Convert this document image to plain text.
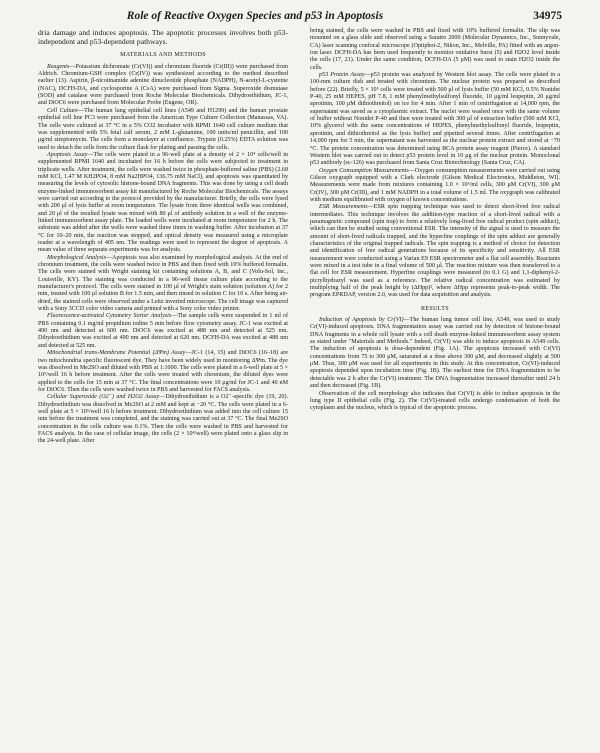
Role of Reactive Oxygen Species and p53 in Apoptosis	34975

dria damage and induces apoptosis. The apoptotic processes involves both p53-independent and p53-dependent pathways.

MATERIALS AND METHODS

Reagents—Potassium dichromate (Cr(VI)) and chromium fluoride (Cr(III)) were purchased from Aldrich. Chromium-GSH complex (Cr(IV)) was synthesized according to the method described earlier (13). Aspirin, β-nicotinamide adenine dinucleotide phosphate (NADPH), N-acetyl-L-cysteine (NAC), DCFH-DA, and cyclosporine A (CsA) were purchased from Sigma. Superoxide dismutase (SOD) and catalase were purchased from Roche Molecular Biochemicals. Dihydroethidium, JC-1, and DiOC6 were purchased from Molecular Probe (Eugene, OR).

Cell Culture—The human lung epithelial cell lines (A549 and H1299) and the human prostate epithelial cell line PC3 were purchased from the American Type Culture Collection (Manassas, VA). The cells were cultured at 37 °C in a 5% CO2 incubator with RPMI 1640 cell culture medium that was supplemented with 5% fetal calf serum, 2 mM L-glutamine, 100 units/ml penicillin, and 100 μg/ml streptomycin. The cells form a monolayer at confluence. Trypsin (0.25%) EDTA solution was used to detach the cells from the culture flask for plating and passing the cells.

Apoptosis Assay—The cells were plated in a 96-well plate at a density of 2 × 10⁴ cells/well in supplemented RPMI 1640 and incubated for 16 h before the cells were subjected to treatment in triplicate wells. After treatment, the cells were washed twice in phosphate-buffered saline (PBS) (2.68 mM KCl, 1.47 M KH2PO4, 8 mM Na2HPO4, 136.75 mM NaCl), and apoptosis was quantitated by measuring the levels of cytosolic histone-bound DNA fragments. This was done by using a cell death enzyme-linked immunosorbent assay kit manufactured by Roche Molecular Biochemicals. The assays were carried out according to the protocol provided by the manufacturer. Briefly, the cells were lysed with 200 μl of lysis buffer at room temperature. The lysate from three identical wells was combined, and 20 μl of the resulted lysate was mixed with 80 μl of antibody solution in a well of the enzyme-linked immunosorbent assay plate. The loaded wells were incubated at room temperature for 2 h. The substrate was added after the wells were washed three times in washing buffer. After incubation at 37 °C for 10–20 min, the reaction was stopped, and optical density was measured using a microplate reader at a wavelength of 405 nm. The readings were used to represent the degree of apoptosis. A mean value of three separate experiments was for analysis.

Morphological Analysis—Apoptosis was also examined by morphological analysis. At the end of chromium treatment, the cells were washed twice in PBS and then fixed with 10% buffered formalin. The cells were stained with Wright staining kit containing solutions A, B, and C (Volu-Sol, Inc., Louisville, KY). The staining was conducted in a 96-well tissue culture plate according to the manufacturer's protocol. The cells were stained in 100 μl of Wright's stain solution (solution A) for 2 min, treated with 100 μl solution B for 1.5 min, and then rinsed in solution C for 10 s. After being air-dried, the stained cells were observed under a Leitz inverted microscope. The cell image was captured with a Sony 3CCD color video camera and printed with a Sony color video printer.

Fluorescence-activated Cytometry Sorter Analysis—The sample cells were suspended in 1 ml of PBS containing 0.1 mg/ml propidium iodine 5 min before flow cytometry assay. JC-1 was excited at 490 nm and detected at 600 nm. DiOC6 was excited at 488 nm and detected at 525 nm. Dihydroethidium was excited at 490 nm and detected at 620 nm. DCFH-DA was excited at 488 nm and detected at 525 nm.

Mitochondrial trans-Membrane Potential (ΔΨm) Assay—JC-1 (14, 15) and DiOC6 (16–18) are two mitochondria specific fluorescent dye. They have been widely used in monitoring ΔΨm. The dye was dissolved in Me2SO and diluted with PBS at 1:1000. The cells were plated in a 6-well plate at 5 × 10⁵/well 16 h before treatment. After the cells were treated with chromium, the diluted dyes were applied to the cells for 15 min at 37 °C. The final concentrations were 10 μg/ml for JC-1 and 40 nM for DiOC6. Then the cells were washed twice in PBS and harvested for FACS analysis.

Cellular Superoxide (O2⁻) and H2O2 Assay—Dihydroethidium is a O2⁻-specific dye (19, 20). Dihydroethidium was dissolved in Me2SO at 2 mM and kept at −20 °C. The cells were plated in a 6-well plate at 5 × 10⁵/well 16 h before treatment. Dihydroethidium was added into the cell culture 15 min before the treatment was completed, and the staining was carried out at 37 °C. The final Me2SO concentration in the cells culture was 0.1%. Then the cells were washed in PBS and harvested for FACS analysis. In the case of cellular image, the cells (2 × 10⁴/well) were plated onto a glass slip in the 24-well plate. After

being stained, the cells were washed in PBS and fixed with 10% buffered formalin. The slip was mounted on a glass slide and observed using a Saratro 2000 (Molecular Dynamics, Inc., Sunnyvale, CA) laser scanning confocal microscope (Optiphot-2, Nikon, Inc., Melville, PA) fitted with an argon-ion laser. DCFH-DA has been used frequently to monitor oxidative burst (5) and H2O2 level inside the cells (17, 21). Under the same condition, DCFH-DA (5 μM) was used to stain H2O2 inside the cells.

p53 Protein Assay—p53 protein was analyzed by Western blot assay. The cells were plated in a 100-mm culture dish and treated with chromium. The nuclear protein was prepared as described before (22). Briefly, 5 × 10⁵ cells were treated with 500 μl of lysis buffer (50 mM KCl, 0.5% Nonidet P-40, 25 mM HEPES, pH 7.8, 1 mM phenylmethylsulfonyl fluoride, 10 μg/ml leupeptin, 20 μg/ml aprotinin, 100 μM dithiothreitol) on ice for 4 min. After 1 min of centrifugation at 14,000 rpm, the supernatant was saved as a cytoplasmic extract. The nuclei were washed once with the same volume of buffer without Nonidet P-40 and then were treated with 300 μl of extraction buffer (500 mM KCl, 10% glycerol with the same concentrations of HEPES, phenylmethylsulfonyl fluoride, leupeptin, aprotinin, and dithiothreitol as the lysis buffer) and pipetted several times. After centrifugation at 14,000 rpm for 5 min, the supernatant was harvested as the nuclear protein extract and stored at −70 °C. The protein concentration was determined using BCA protein assay reagent (Pierce). A standard Western blot was carried out to detect p53 protein level in 10 μg of the nuclear protein. Monoclonal p53 antibody (sc-126) was purchased from Santa Cruz Biotechnology (Santa Cruz, CA).

Oxygen Consumption Measurements—Oxygen consumption measurements were carried out using Gilson oxygraph equipped with a Clark electrode (Gilson Medical Electronics, Middleton, WI). Measurements were made from mixtures containing 1.0 × 10⁶/ml cells, 300 μM Cr(VI), 300 μM Cr(IV), 300 μM Cr(III), and 1 mM NADPH in a total volume of 1.5 ml. The oxygraph was calibrated with medium equilibrated with oxygen of known concentrations.

ESR Measurements—ESR spin trapping technique was used to detect short-lived free radical intermediates. This technique involves the addition-type reaction of a short-lived radical with a paramagnetic compound (spin trap) to form a relatively long-lived free radical product (spin adduct), which can then be studied using conventional ESR. The intensity of the signal is used to measure the amount of short-lived radicals trapped, and the hyperfine couplings of the spin adduct are generally characteristics of the original trapped radicals. The spin trapping is a method of choice for detection and identification of free radical generations because of its specificity and sensitivity. All ESR measurement were conducted using a Varian E9 ESR spectrometer and a flat cell assembly. Reactants were mixed in a test tube in a final volume of 500 μl. The reaction mixture was then transferred to a flat cell for ESR measurement. Hyperfine couplings were measured (to 0.1 G) and 1,1-diphenyl-2-picrylhydrazyl was used as a reference. The relative radical concentration was estimated by multiplying half of the peak height by (ΔHpp)², where ΔHpp represents peak-to-peak width. The program EPRDAP, version 2.0, was used for data acquisition and analysis.

RESULTS

Induction of Apoptosis by Cr(VI)—The human lung tumor cell line, A549, was used to study Cr(VI)-induced apoptosis. DNA fragmentation assay was carried out by detection of histone-bound DNA fragments in a whole cell lysate with a cell death enzyme-linked immunosorbent assay system as stated under "Materials and Methods." Indeed, Cr(VI) was able to induce apoptosis in A549 cells. The induction of apoptosis is dose-dependent (Fig. 1A). The apoptosis increased with Cr(VI) concentrations from 75 to 300 μM, saturated at a dose above 300 μM, and decreased slightly at 500 μM. Thus, 300 μM was used for all experiments in this study. At this concentration, Cr(VI)-induced apoptosis depended upon incubation time (Fig. 1B). The earliest time for DNA fragmentation to be detectable was 2 h after the Cr(VI) treatment. The DNA fragmentation increased thereafter until 24 h and then decreased (Fig. 1B).

Observation of the cell morphology also indicates that Cr(VI) is able to induce apoptosis in the lung type II epithelial cells (Fig. 2). The Cr(VI)-treated cells undergo condensation of both the cytoplasm and the nucleus, which is typical of the apoptotic process.
